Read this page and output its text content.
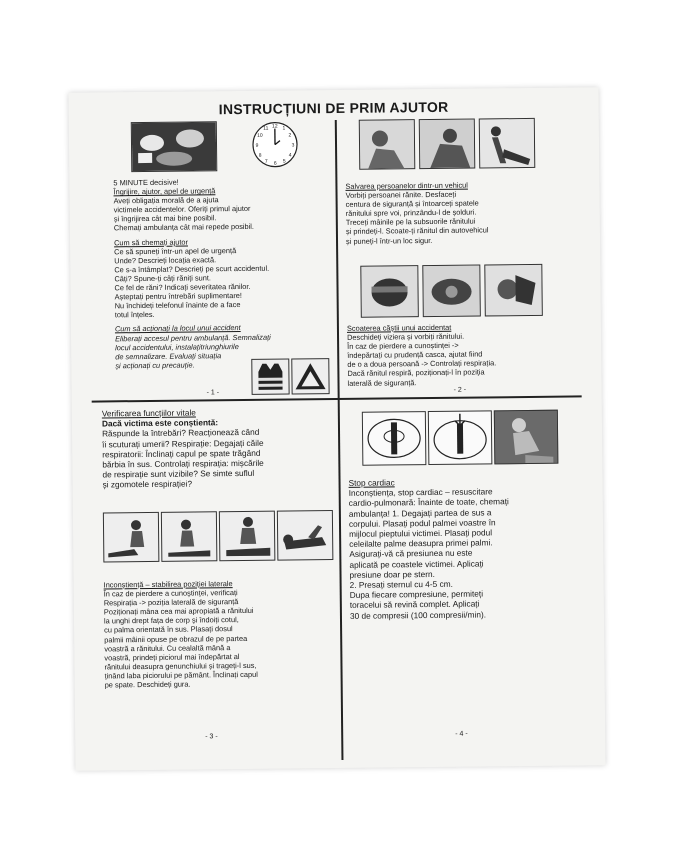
INSTRUCȚIUNI DE PRIM AJUTOR
12
3
6
9
1
2
4
5
7
8
10
11

5 MINUTE decisive!

Îngrijire, ajutor, apel de urgență

Aveți obligația morală de a ajuta

victimele accidentelor. Oferiți primul ajutor

și îngrijirea cât mai bine posibil.

Chemați ambulanța cât mai repede posibil.

Cum să chemați ajutor

Ce să spuneți într-un apel de urgență

Unde? Descrieți locația exactă.

Ce s-a întâmplat? Descrieți pe scurt accidentul.

Câți? Spune-ți câți răniți sunt.

Ce fel de răni? Indicați severitatea rănilor.

Așteptați pentru întrebări suplimentare!

Nu închideți telefonul înainte de a face

totul înțeles.

Cum să acționați la locul unui accident

Eliberați accesul pentru ambulanță. Semnalizați

locul accidentului, instalațitriunghiurile

de semnalizare. Evaluați situația

și acționați cu precauție.

- 1 -

Salvarea persoanelor dintr-un vehicul

Vorbiți persoanei rănite. Desfaceți

centura de siguranță și întoarceți spatele

rănitului spre voi, prinzându-l de șolduri.

Treceți mâinile pe la subsuorile rănitului

și prindeți-l. Scoate-ți rănitul din autovehicul

și puneți-l într-un loc sigur.

Scoaterea căștii unui accidentat

Deschideți viziera și vorbiți rănitului.

În caz de pierdere a cunoștinței ->

îndepărtați cu prudență casca, ajutat fiind

de o a doua persoană -> Controlați respirația.

Dacă rănitul respiră, poziționați-l în poziția

laterală de siguranță.

- 2 -

Verificarea funcțiilor vitale

Dacă victima este conștientă:

Răspunde la întrebări? Reacționează când

îi scuturați umerii? Respirație: Degajați căile

respiratorii: Înclinați capul pe spate trăgând

bărbia în sus. Controlați respirația: mișcările

de respirație sunt vizibile? Se simte suflul

și zgomotele respirației?

Inconștiență – stabilirea poziției laterale

În caz de pierdere a cunoștinței, verificați

Respirația -> poziția laterală de siguranță

Poziționați mâna cea mai apropiată a rănitului

la unghi drept fața de corp și îndoiți cotul,

cu palma orientată în sus. Plasați dosul

palmii mâinii opuse pe obrazul de pe partea

voastră a rănitului. Cu cealaltă mână a

voastră, prindeți piciorul mai îndepărtat al

rănitului deasupra genunchiului și trageți-l sus,

ținând laba piciorului pe pământ. Înclinați capul

pe spate. Deschideți gura.

- 3 -

Stop cardiac

Inconștiența, stop cardiac – resuscitare

cardio-pulmonară: Înainte de toate, chemați

ambulanța! 1. Degajați partea de sus a

corpului. Plasați podul palmei voastre în

mijlocul pieptului victimei. Plasați podul

celeilalte palme deasupra primei palmi.

Asigurați-vă că presiunea nu este

aplicată pe coastele victimei. Aplicați

presiune doar pe stern.

2. Presați sternul cu 4-5 cm.

Dupa fiecare compresiune, permiteți

toracelui să revină complet. Aplicați

30 de compresii (100 compresii/min).

- 4 -
